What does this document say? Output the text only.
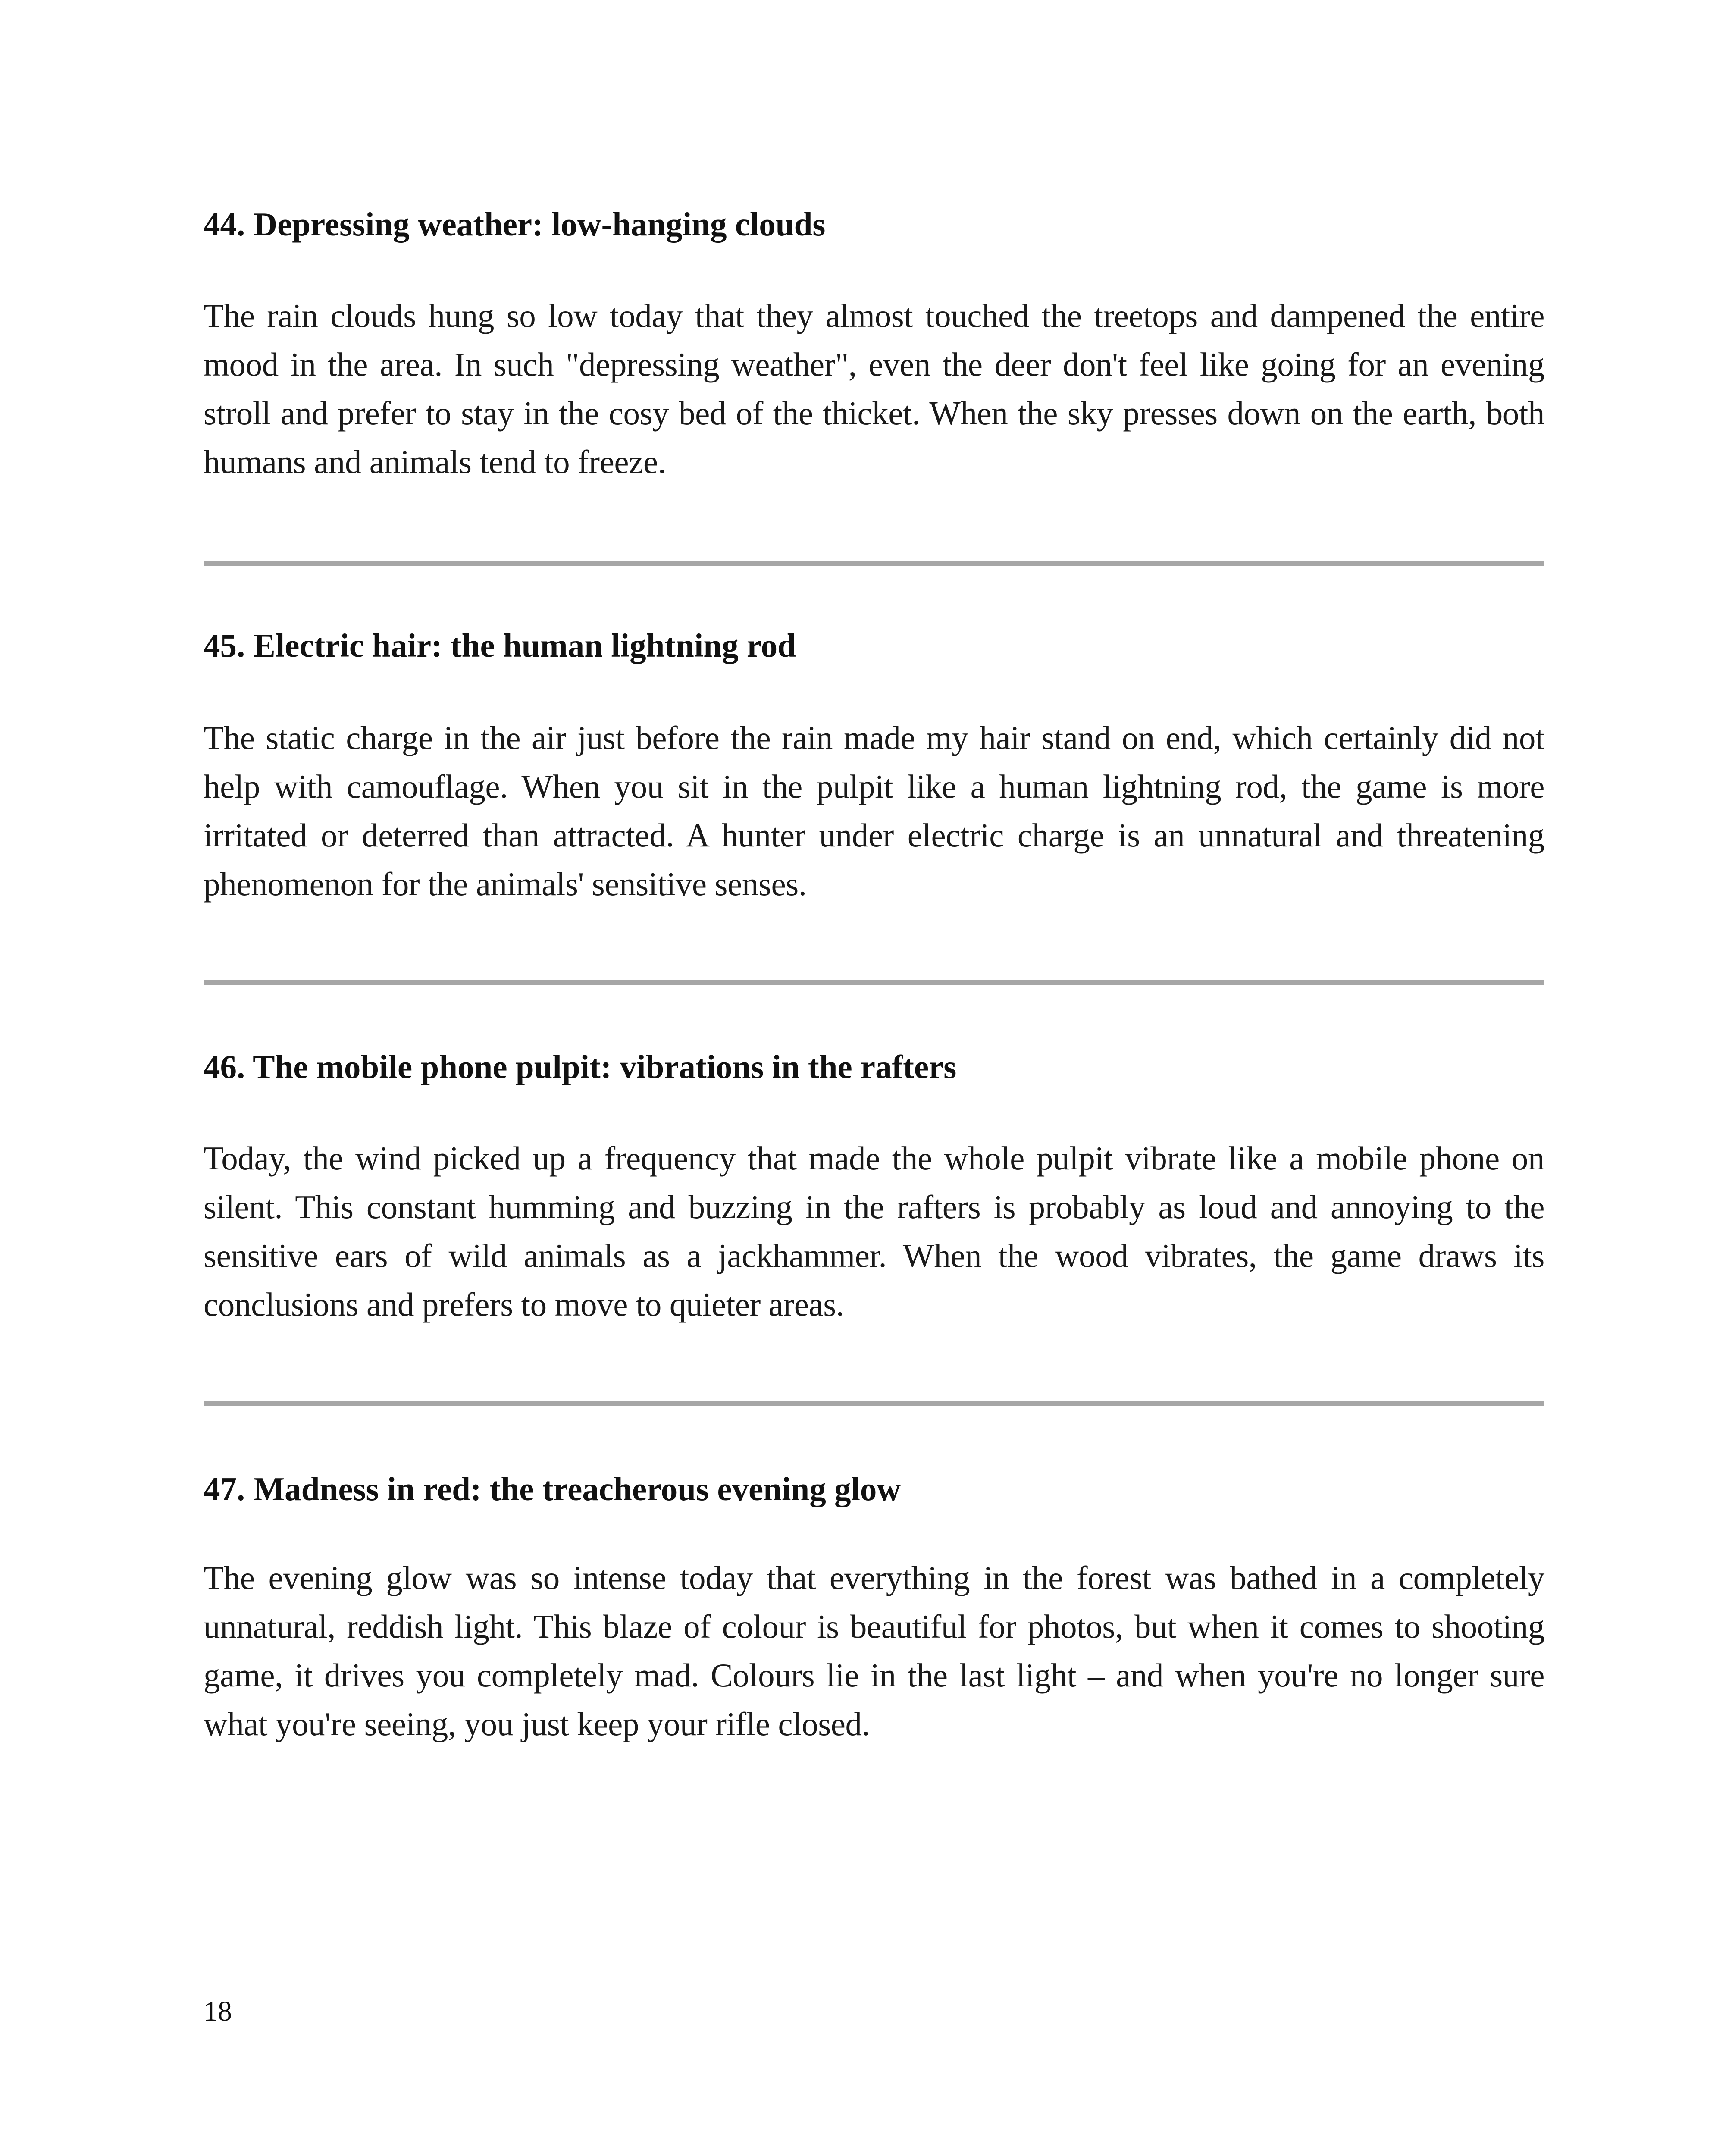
44. Depressing weather: low-hanging clouds

The rain clouds hung so low today that they almost touched the treetops and dampened the entire mood in the area. In such "depressing weather", even the deer don't feel like going for an evening stroll and prefer to stay in the cosy bed of the thicket. When the sky presses down on the earth, both humans and animals tend to freeze.

45. Electric hair: the human lightning rod

The static charge in the air just before the rain made my hair stand on end, which certainly did not help with camouflage. When you sit in the pulpit like a human lightning rod, the game is more irritated or deterred than attracted. A hunter under electric charge is an unnatural and threatening phenomenon for the animals' sensitive senses.

46. The mobile phone pulpit: vibrations in the rafters

Today, the wind picked up a frequency that made the whole pulpit vibrate like a mobile phone on silent. This constant humming and buzzing in the rafters is probably as loud and annoying to the sensitive ears of wild animals as a jackhammer. When the wood vibrates, the game draws its conclusions and prefers to move to quieter areas.

47. Madness in red: the treacherous evening glow

The evening glow was so intense today that everything in the forest was bathed in a completely unnatural, reddish light. This blaze of colour is beautiful for photos, but when it comes to shooting game, it drives you completely mad. Colours lie in the last light – and when you're no longer sure what you're seeing, you just keep your rifle closed.

18
